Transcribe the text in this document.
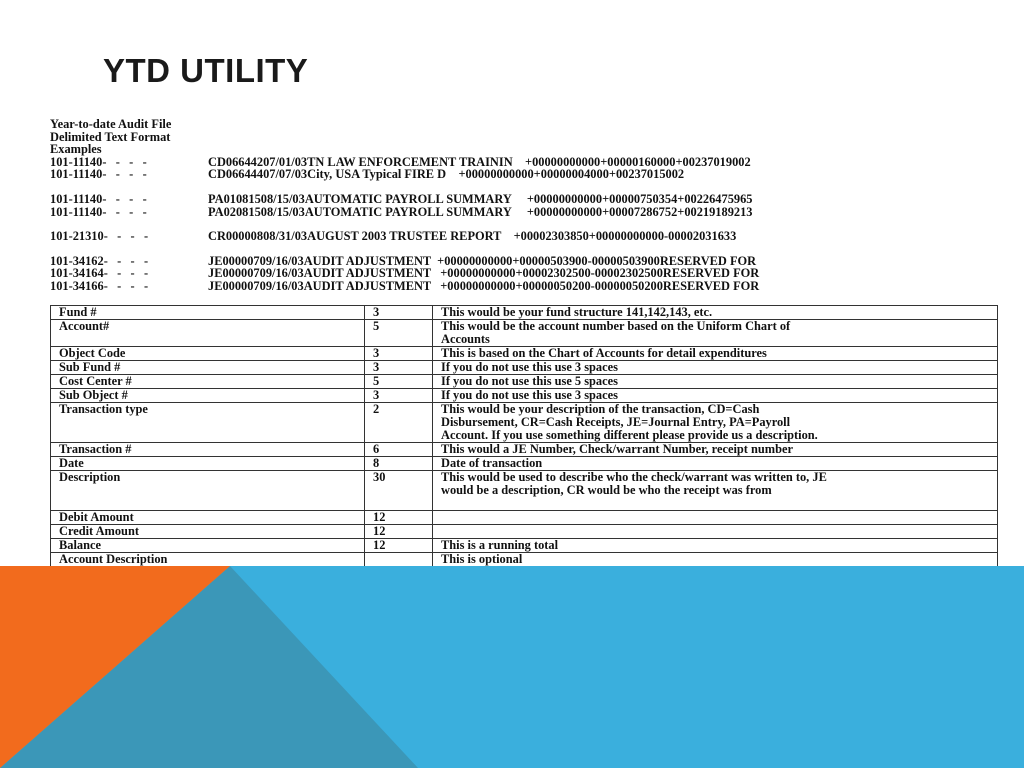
YTD UTILITY
Year-to-date Audit File
Delimited Text Format
Examples
101-11140-   -   -   -	CD06644207/01/03TN LAW ENFORCEMENT TRAININ    +00000000000+00000160000+00237019002
101-11140-   -   -   -	CD06644407/07/03City, USA Typical FIRE D    +00000000000+00000004000+00237015002
101-11140-   -   -   -	PA01081508/15/03AUTOMATIC PAYROLL SUMMARY     +00000000000+00000750354+00226475965
101-11140-   -   -   -	PA02081508/15/03AUTOMATIC PAYROLL SUMMARY     +00000000000+00007286752+00219189213
101-21310-   -   -   -	CR00000808/31/03AUGUST 2003 TRUSTEE REPORT    +00002303850+00000000000-00002031633
101-34162-   -   -   -	JE00000709/16/03AUDIT ADJUSTMENT  +00000000000+00000503900-00000503900RESERVED FOR
101-34164-   -   -   -	JE00000709/16/03AUDIT ADJUSTMENT   +00000000000+00002302500-00002302500RESERVED FOR
101-34166-   -   -   -	JE00000709/16/03AUDIT ADJUSTMENT   +00000000000+00000050200-00000050200RESERVED FOR
Fund #	3	This would be your fund structure 141,142,143, etc.

Account#	5	This would be the account number based on the Uniform Chart of
Accounts

Object Code	3	This is based on the Chart of Accounts for detail expenditures

Sub Fund #	3	If you do not use this use 3 spaces

Cost Center #	5	If you do not use this use 5 spaces

Sub Object #	3	If you do not use this use 3 spaces

Transaction type	2	This would be your description of the transaction, CD=Cash
Disbursement, CR=Cash Receipts, JE=Journal Entry, PA=Payroll
Account. If you use something different please provide us a description.

Transaction #	6	This would a JE Number, Check/warrant Number, receipt number

Date	8	Date of transaction

Description	30	This would be used to describe who the check/warrant was written to, JE
would be a description, CR would be who the receipt was from

Debit Amount	12	

Credit Amount	12	

Balance	12	This is a running total

Account Description		This is optional
